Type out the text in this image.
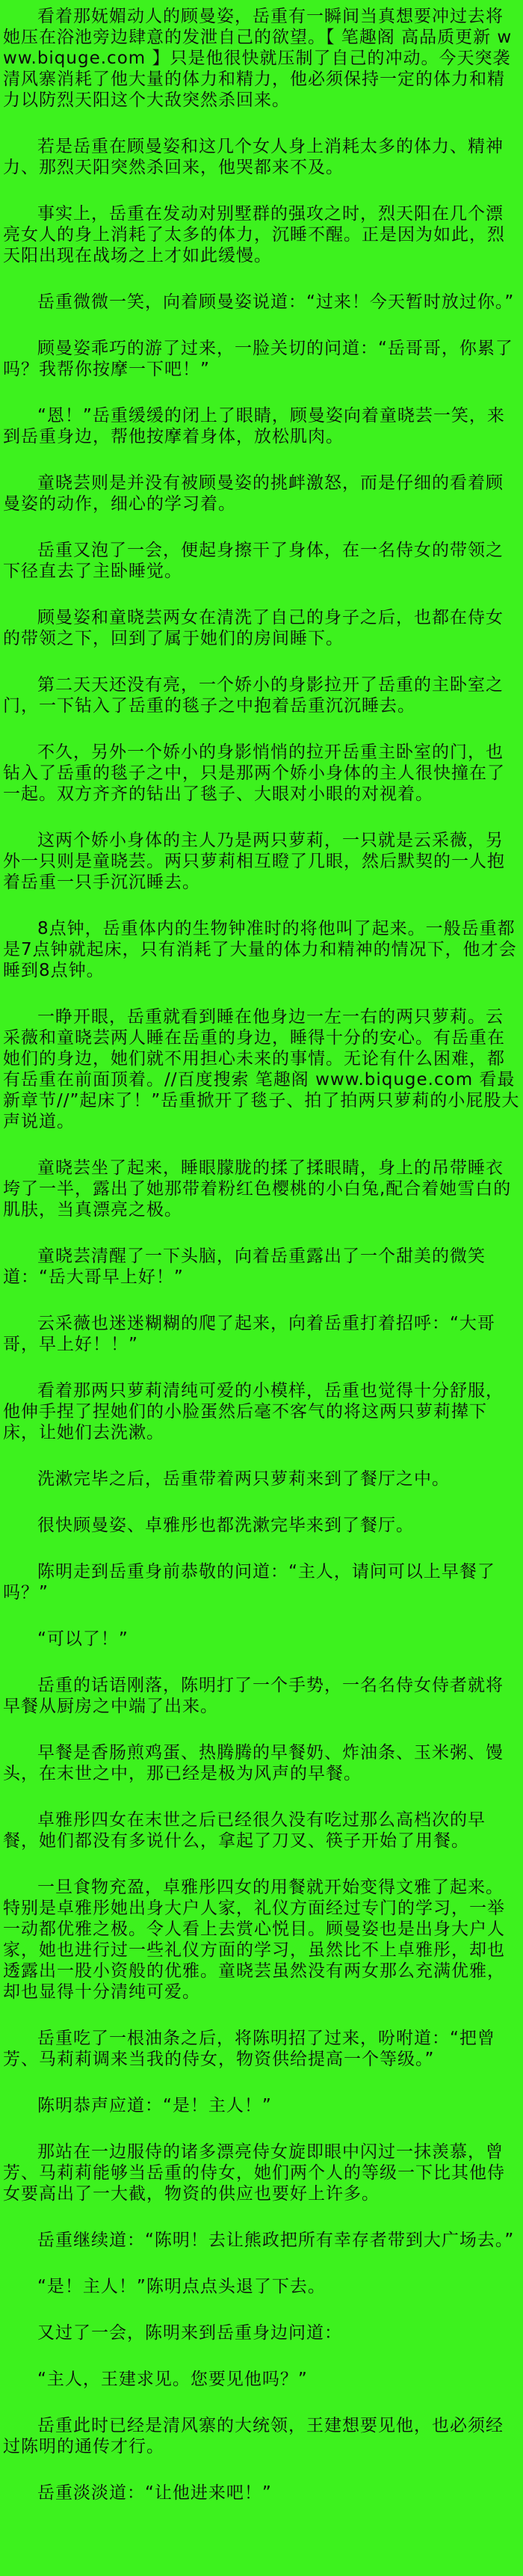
看着那妩媚动人的顾曼姿，岳重有一瞬间当真想要冲过去将她压在浴池旁边肆意的发泄自己的欲望。【 笔趣阁 高品质更新 www.biquge.com 】只是他很快就压制了自己的冲动。今天突袭清风寨消耗了他大量的体力和精力，他必须保持一定的体力和精力以防烈天阳这个大敌突然杀回来。

若是岳重在顾曼姿和这几个女人身上消耗太多的体力、精神力、那烈天阳突然杀回来，他哭都来不及。

事实上，岳重在发动对别墅群的强攻之时，烈天阳在几个漂亮女人的身上消耗了太多的体力，沉睡不醒。正是因为如此，烈天阳出现在战场之上才如此缓慢。

岳重微微一笑，向着顾曼姿说道：“过来！今天暂时放过你。”

顾曼姿乖巧的游了过来，一脸关切的问道：“岳哥哥，你累了吗？我帮你按摩一下吧！”

“恩！”岳重缓缓的闭上了眼睛，顾曼姿向着童晓芸一笑，来到岳重身边，帮他按摩着身体，放松肌肉。

童晓芸则是并没有被顾曼姿的挑衅激怒，而是仔细的看着顾曼姿的动作，细心的学习着。

岳重又泡了一会，便起身擦干了身体，在一名侍女的带领之下径直去了主卧睡觉。

顾曼姿和童晓芸两女在清洗了自己的身子之后，也都在侍女的带领之下，回到了属于她们的房间睡下。

第二天天还没有亮，一个娇小的身影拉开了岳重的主卧室之门，一下钻入了岳重的毯子之中抱着岳重沉沉睡去。

不久，另外一个娇小的身影悄悄的拉开岳重主卧室的门，也钻入了岳重的毯子之中，只是那两个娇小身体的主人很快撞在了一起。双方齐齐的钻出了毯子、大眼对小眼的对视着。

这两个娇小身体的主人乃是两只萝莉，一只就是云采薇，另外一只则是童晓芸。两只萝莉相互瞪了几眼，然后默契的一人抱着岳重一只手沉沉睡去。

8点钟，岳重体内的生物钟准时的将他叫了起来。一般岳重都是7点钟就起床，只有消耗了大量的体力和精神的情况下，他才会睡到8点钟。

一睁开眼，岳重就看到睡在他身边一左一右的两只萝莉。云采薇和童晓芸两人睡在岳重的身边，睡得十分的安心。有岳重在她们的身边，她们就不用担心未来的事情。无论有什么困难，都有岳重在前面顶着。//百度搜索 笔趣阁 www.biquge.com 看最新章节//”起床了！”岳重掀开了毯子、拍了拍两只萝莉的小屁股大声说道。

童晓芸坐了起来，睡眼朦胧的揉了揉眼睛，身上的吊带睡衣垮了一半，露出了她那带着粉红色樱桃的小白兔,配合着她雪白的肌肤，当真漂亮之极。

童晓芸清醒了一下头脑，向着岳重露出了一个甜美的微笑道：“岳大哥早上好！”

云采薇也迷迷糊糊的爬了起来，向着岳重打着招呼：“大哥哥，早上好！！”

看着那两只萝莉清纯可爱的小模样，岳重也觉得十分舒服，他伸手捏了捏她们的小脸蛋然后毫不客气的将这两只萝莉撵下床，让她们去洗漱。

洗漱完毕之后，岳重带着两只萝莉来到了餐厅之中。

很快顾曼姿、卓雅彤也都洗漱完毕来到了餐厅。

陈明走到岳重身前恭敬的问道：“主人，请问可以上早餐了吗？”

“可以了！”

岳重的话语刚落，陈明打了一个手势，一名名侍女侍者就将早餐从厨房之中端了出来。

早餐是香肠煎鸡蛋、热腾腾的早餐奶、炸油条、玉米粥、馒头，在末世之中，那已经是极为风声的早餐。

卓雅彤四女在末世之后已经很久没有吃过那么高档次的早餐，她们都没有多说什么，拿起了刀叉、筷子开始了用餐。

一旦食物充盈，卓雅彤四女的用餐就开始变得文雅了起来。特别是卓雅彤她出身大户人家，礼仪方面经过专门的学习，一举一动都优雅之极。令人看上去赏心悦目。顾曼姿也是出身大户人家，她也进行过一些礼仪方面的学习，虽然比不上卓雅彤，却也透露出一股小资般的优雅。童晓芸虽然没有两女那么充满优雅，却也显得十分清纯可爱。

岳重吃了一根油条之后，将陈明招了过来，吩咐道：“把曾芳、马莉莉调来当我的侍女，物资供给提高一个等级。”

陈明恭声应道：“是！主人！”

那站在一边服侍的诸多漂亮侍女旋即眼中闪过一抹羡慕，曾芳、马莉莉能够当岳重的侍女，她们两个人的等级一下比其他侍女要高出了一大截，物资的供应也要好上许多。

岳重继续道：“陈明！去让熊政把所有幸存者带到大广场去。”

“是！主人！”陈明点点头退了下去。

又过了一会，陈明来到岳重身边问道：

“主人，王建求见。您要见他吗？”

岳重此时已经是清风寨的大统领，王建想要见他，也必须经过陈明的通传才行。

岳重淡淡道：“让他进来吧！”
